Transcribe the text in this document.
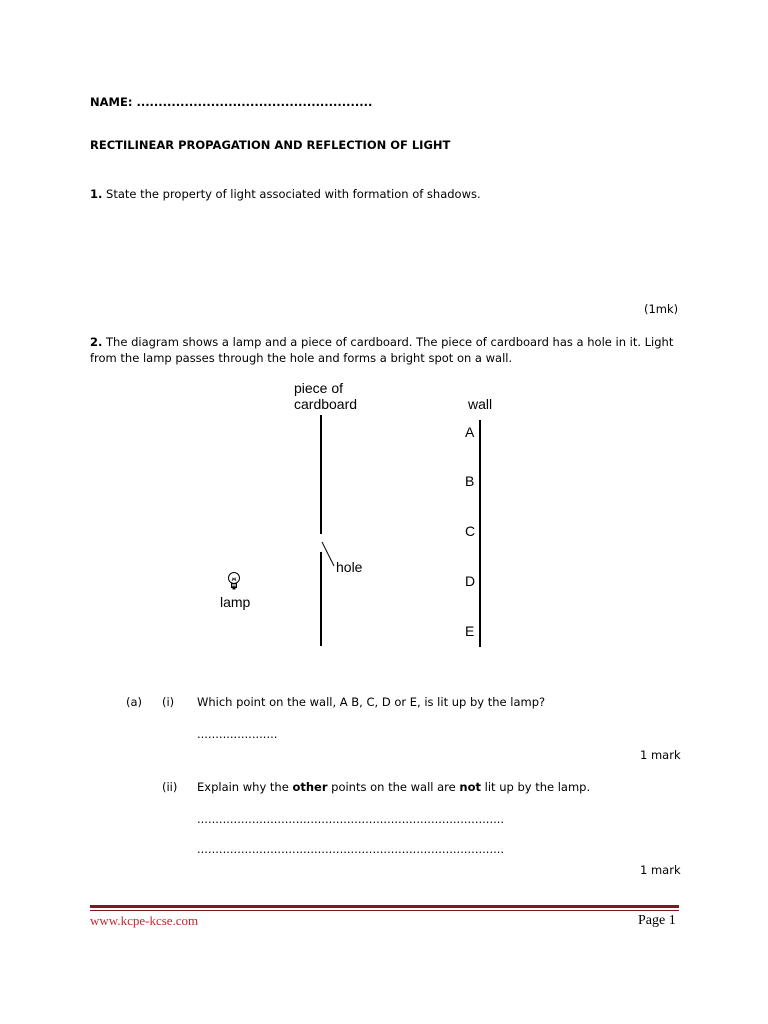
NAME: ......................................................
RECTILINEAR PROPAGATION AND REFLECTION OF LIGHT
1. State the property of light associated with formation of shadows.
(1mk)
2. The diagram shows a lamp and a piece of cardboard. The piece of cardboard has a hole in it. Light from the lamp passes through the hole and forms a bright spot on a wall.
piece of
cardboard	wall
hole
A
B
C
D
E
lamp
(a) (i) Which point on the wall, A B, C, D or E, is lit up by the lamp?
......................
1 mark
(ii) Explain why the other points on the wall are not lit up by the lamp.
....................................................................................
....................................................................................
1 mark
www.kcpe-kcse.com	Page 1
